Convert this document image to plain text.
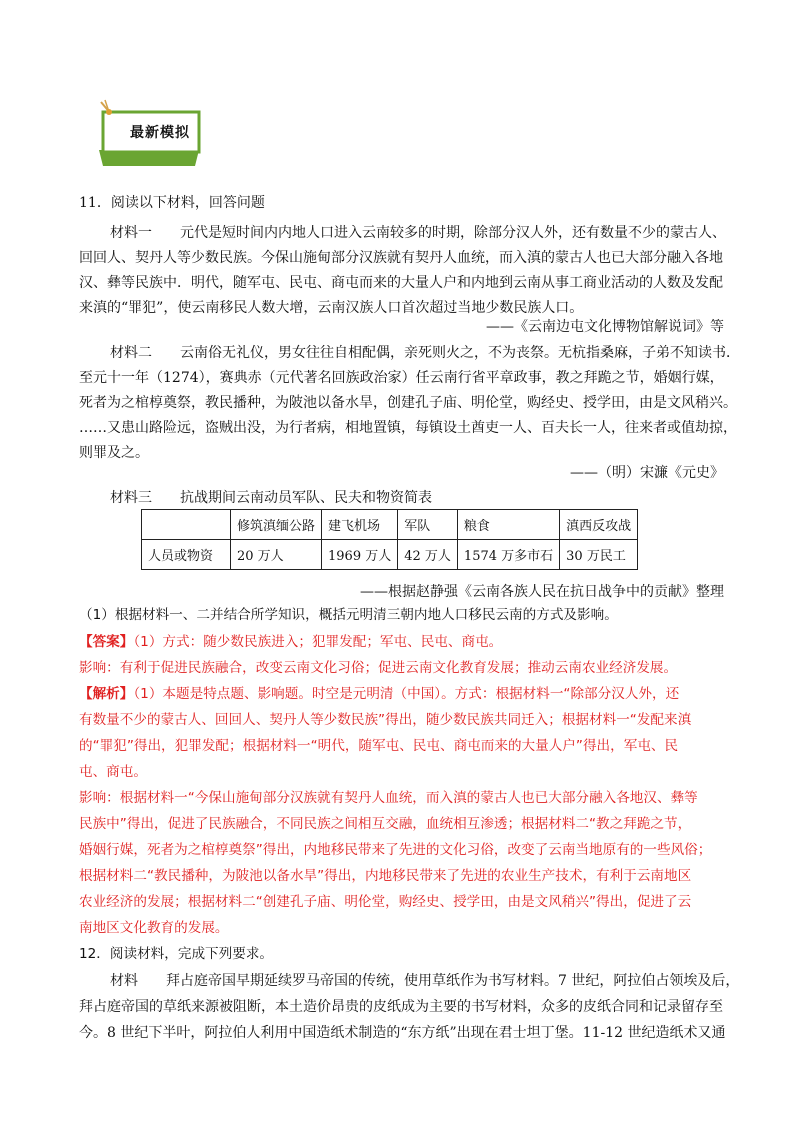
最新模拟
11．阅读以下材料，回答问题
材料一　　元代是短时间内内地人口进入云南较多的时期，除部分汉人外，还有数量不少的蒙古人、
回回人、契丹人等少数民族。今保山施甸部分汉族就有契丹人血统，而入滇的蒙古人也已大部分融入各地
汉、彝等民族中．明代，随军屯、民屯、商屯而来的大量人户和内地到云南从事工商业活动的人数及发配
来滇的“罪犯”，使云南移民人数大增，云南汉族人口首次超过当地少数民族人口。
——《云南边屯文化博物馆解说词》等
材料二　　云南俗无礼仪，男女往往自相配偶，亲死则火之，不为丧祭。无杭指桑麻，子弟不知读书．
至元十一年（1274），赛典赤（元代著名回族政治家）任云南行省平章政事，教之拜跪之节，婚姻行媒，
死者为之棺椁奠祭，教民播种，为陂池以备水旱，创建孔子庙、明伦堂，购经史、授学田，由是文风稍兴。
……又患山路险远，盗贼出没，为行者病，相地置镇，每镇设土酋吏一人、百夫长一人，往来者或值劫掠，
则罪及之。
——（明）宋濂《元史》
材料三　　抗战期间云南动员军队、民夫和物资简表
	修筑滇缅公路	建飞机场	军队	粮食	滇西反攻战
人员或物资	20 万人	1969 万人	42 万人	1574 万多市石	30 万民工
——根据赵静强《云南各族人民在抗日战争中的贡献》整理
（1）根据材料一、二并结合所学知识，概括元明清三朝内地人口移民云南的方式及影响。
【答案】（1）方式：随少数民族进入；犯罪发配；军屯、民屯、商屯。
影响：有利于促进民族融合，改变云南文化习俗；促进云南文化教育发展；推动云南农业经济发展。
【解析】（1）本题是特点题、影响题。时空是元明清（中国）。方式：根据材料一“除部分汉人外，还
有数量不少的蒙古人、回回人、契丹人等少数民族”得出，随少数民族共同迁入；根据材料一“发配来滇
的“罪犯”得出，犯罪发配；根据材料一“明代，随军屯、民屯、商屯而来的大量人户”得出，军屯、民
屯、商屯。
影响：根据材料一“今保山施甸部分汉族就有契丹人血统，而入滇的蒙古人也已大部分融入各地汉、彝等
民族中”得出，促进了民族融合，不同民族之间相互交融，血统相互渗透；根据材料二“教之拜跪之节，
婚姻行媒，死者为之棺椁奠祭”得出，内地移民带来了先进的文化习俗，改变了云南当地原有的一些风俗；
根据材料二“教民播种，为陂池以备水旱”得出，内地移民带来了先进的农业生产技术，有利于云南地区
农业经济的发展；根据材料二“创建孔子庙、明伦堂，购经史、授学田，由是文风稍兴”得出，促进了云
南地区文化教育的发展。
12．阅读材料，完成下列要求。
材料　　拜占庭帝国早期延续罗马帝国的传统，使用草纸作为书写材料。7 世纪，阿拉伯占领埃及后，
拜占庭帝国的草纸来源被阻断，本土造价昂贵的皮纸成为主要的书写材料，众多的皮纸合同和记录留存至
今。8 世纪下半叶，阿拉伯人利用中国造纸术制造的“东方纸”出现在君士坦丁堡。11-12 世纪造纸术又通
